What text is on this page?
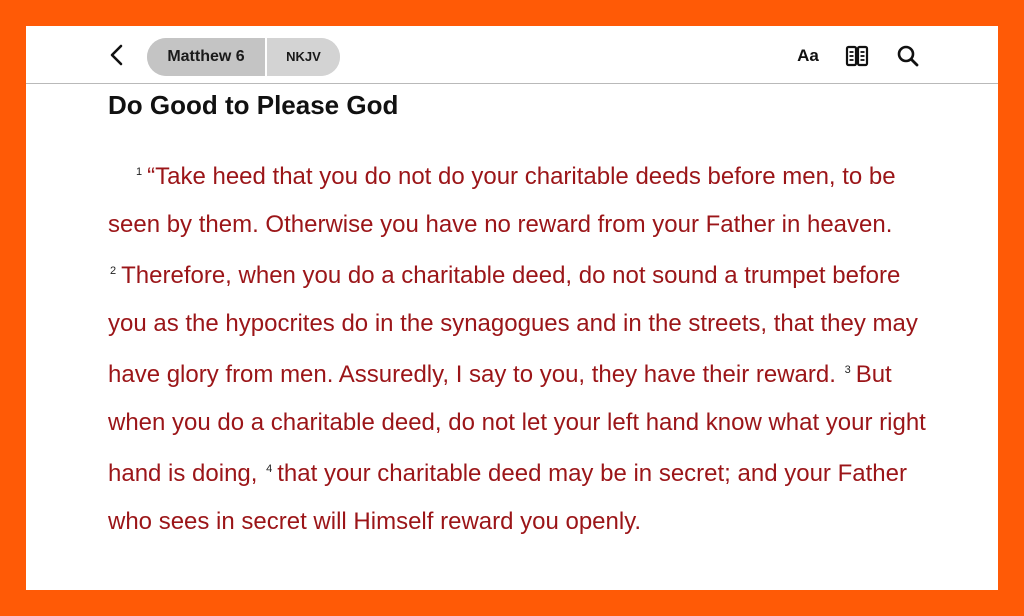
Matthew 6	NKJV	Aa
Do Good to Please God

$^1$ “Take heed that you do not do your charitable deeds before men, to be seen by them. Otherwise you have no reward from your Father in heaven. $^2$ Therefore, when you do a charitable deed, do not sound a trumpet before you as the hypocrites do in the synagogues and in the streets, that they may have glory from men. Assuredly, I say to you, they have their reward. $^3$ But when you do a charitable deed, do not let your left hand know what your right hand is doing, $^4$ that your charitable deed may be in secret; and your Father who sees in secret will Himself reward you openly.
